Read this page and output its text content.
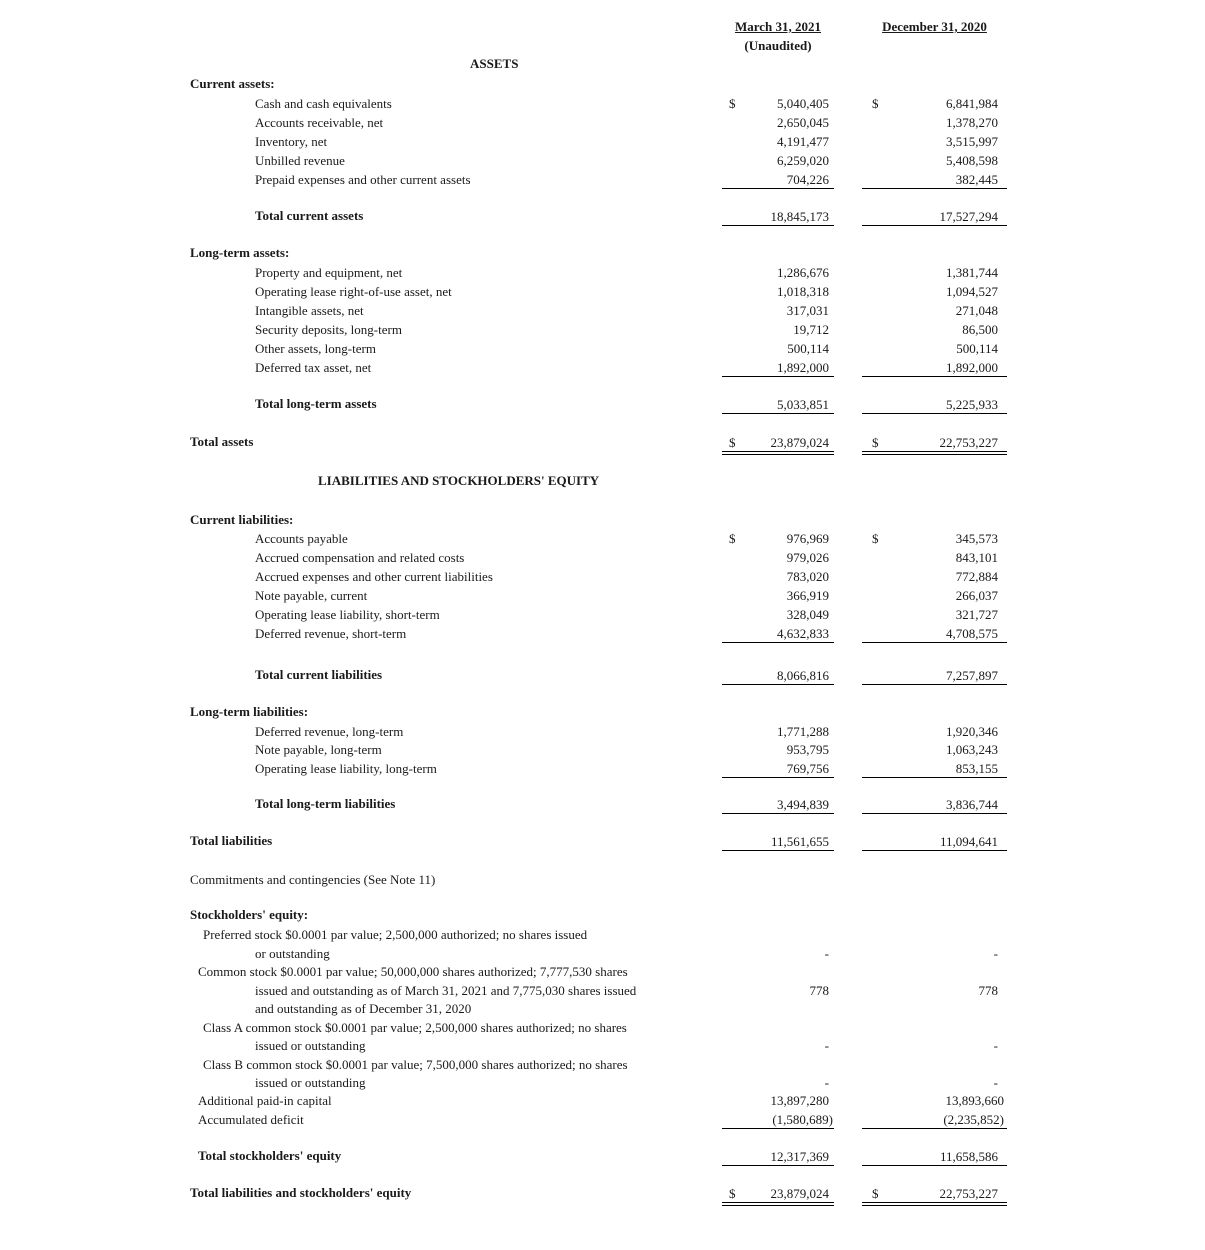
March 31, 2021
(Unaudited)
December 31, 2020
ASSETS
Current assets:
Cash and cash equivalents	$	5,040,405	$	6,841,984
Accounts receivable, net	2,650,045	1,378,270
Inventory, net	4,191,477	3,515,997
Unbilled revenue	6,259,020	5,408,598
Prepaid expenses and other current assets	704,226	382,445
Total current assets	18,845,173	17,527,294
Long-term assets:
Property and equipment, net	1,286,676	1,381,744
Operating lease right-of-use asset, net	1,018,318	1,094,527
Intangible assets, net	317,031	271,048
Security deposits, long-term	19,712	86,500
Other assets, long-term	500,114	500,114
Deferred tax asset, net	1,892,000	1,892,000
Total long-term assets	5,033,851	5,225,933
Total assets	$	23,879,024	$	22,753,227
LIABILITIES AND STOCKHOLDERS' EQUITY
Current liabilities:
Accounts payable	$	976,969	$	345,573
Accrued compensation and related costs	979,026	843,101
Accrued expenses and other current liabilities	783,020	772,884
Note payable, current	366,919	266,037
Operating lease liability, short-term	328,049	321,727
Deferred revenue, short-term	4,632,833	4,708,575
Total current liabilities	8,066,816	7,257,897
Long-term liabilities:
Deferred revenue, long-term	1,771,288	1,920,346
Note payable, long-term	953,795	1,063,243
Operating lease liability, long-term	769,756	853,155
Total long-term liabilities	3,494,839	3,836,744
Total liabilities	11,561,655	11,094,641
Commitments and contingencies (See Note 11)
Stockholders' equity:
Preferred stock $0.0001 par value; 2,500,000 authorized; no shares issued
or outstanding	-	-
Common stock $0.0001 par value; 50,000,000 shares authorized; 7,777,530 shares
issued and outstanding as of March 31, 2021 and 7,775,030 shares issued
and outstanding as of December 31, 2020
778	778
Class A common stock $0.0001 par value; 2,500,000 shares authorized; no shares
issued or outstanding	-	-
Class B common stock $0.0001 par value; 7,500,000 shares authorized; no shares
issued or outstanding	-	-
Additional paid-in capital	13,897,280	13,893,660
Accumulated deficit	(1,580,689)	(2,235,852)
Total stockholders' equity	12,317,369	11,658,586
Total liabilities and stockholders' equity	$	23,879,024	$	22,753,227
